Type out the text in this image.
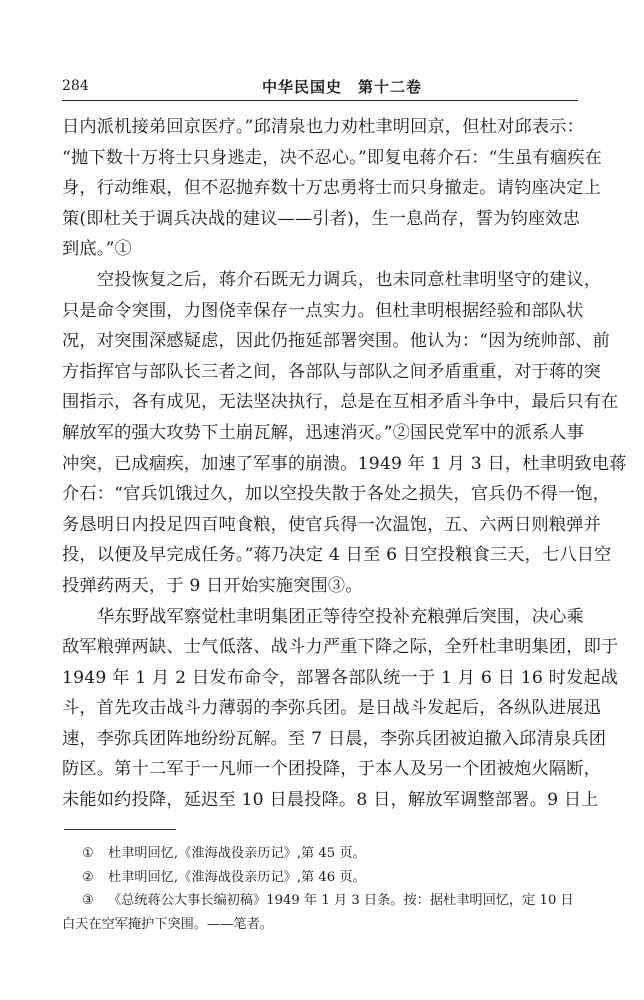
284	中华民国史　第十二卷
日内派机接弟回京医疗。”邱清泉也力劝杜聿明回京，但杜对邱表示：
“抛下数十万将士只身逃走，决不忍心。”即复电蒋介石：“生虽有痼疾在
身，行动维艰，但不忍抛弃数十万忠勇将士而只身撤走。请钧座决定上
策(即杜关于调兵决战的建议——引者)，生一息尚存，誓为钧座效忠
到底。”①
空投恢复之后，蒋介石既无力调兵，也未同意杜聿明坚守的建议，
只是命令突围，力图侥幸保存一点实力。但杜聿明根据经验和部队状
况，对突围深感疑虑，因此仍拖延部署突围。他认为：“因为统帅部、前
方指挥官与部队长三者之间，各部队与部队之间矛盾重重，对于蒋的突
围指示，各有成见，无法坚决执行，总是在互相矛盾斗争中，最后只有在
解放军的强大攻势下土崩瓦解，迅速消灭。”②国民党军中的派系人事
冲突，已成痼疾，加速了军事的崩溃。1949 年 1 月 3 日，杜聿明致电蒋
介石：“官兵饥饿过久，加以空投失散于各处之损失，官兵仍不得一饱，
务恳明日内投足四百吨食粮，使官兵得一次温饱，五、六两日则粮弹并
投，以便及早完成任务。”蒋乃决定 4 日至 6 日空投粮食三天，七八日空
投弹药两天，于 9 日开始实施突围③。
华东野战军察觉杜聿明集团正等待空投补充粮弹后突围，决心乘
敌军粮弹两缺、士气低落、战斗力严重下降之际，全歼杜聿明集团，即于
1949 年 1 月 2 日发布命令，部署各部队统一于 1 月 6 日 16 时发起战
斗，首先攻击战斗力薄弱的李弥兵团。是日战斗发起后，各纵队进展迅
速，李弥兵团阵地纷纷瓦解。至 7 日晨，李弥兵团被迫撤入邱清泉兵团
防区。第十二军于一凡师一个团投降，于本人及另一个团被炮火隔断，
未能如约投降，延迟至 10 日晨投降。8 日，解放军调整部署。9 日上
① 杜聿明回忆,《淮海战役亲历记》,第 45 页。
② 杜聿明回忆,《淮海战役亲历记》,第 46 页。
③ 《总统蒋公大事长编初稿》1949 年 1 月 3 日条。按：据杜聿明回忆，定 10 日
白天在空军掩护下突围。——笔者。
